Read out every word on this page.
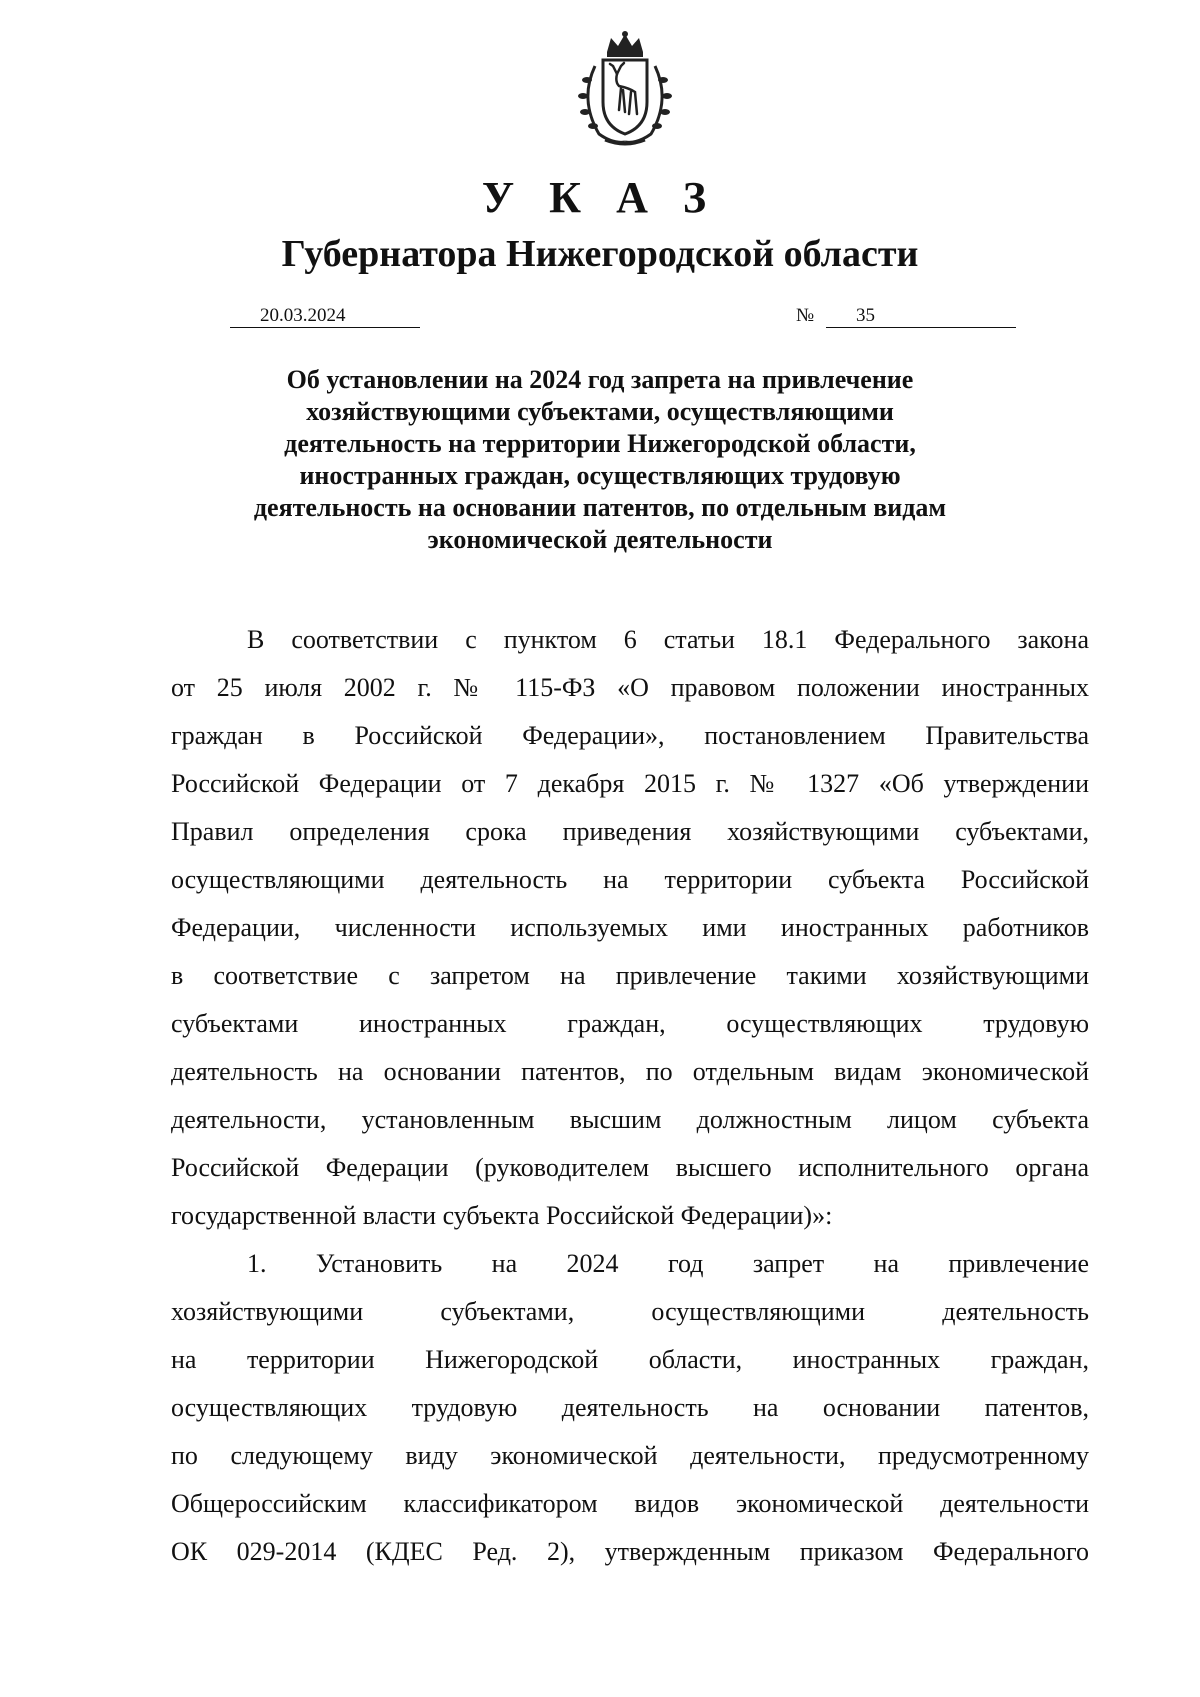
У К А З
Губернатора Нижегородской области
20.03.2024	№	35
Об установлении на 2024 год запрета на привлечение
хозяйствующими субъектами, осуществляющими
деятельность на территории Нижегородской области,
иностранных граждан, осуществляющих трудовую
деятельность на основании патентов, по отдельным видам
экономической деятельности
В соответствии с пунктом 6 статьи 18.1 Федерального закона
от 25 июля 2002 г. № 115-ФЗ «О правовом положении иностранных
граждан в Российской Федерации», постановлением Правительства
Российской Федерации от 7 декабря 2015 г. № 1327 «Об утверждении
Правил определения срока приведения хозяйствующими субъектами,
осуществляющими деятельность на территории субъекта Российской
Федерации, численности используемых ими иностранных работников
в соответствие с запретом на привлечение такими хозяйствующими
субъектами иностранных граждан, осуществляющих трудовую
деятельность на основании патентов, по отдельным видам экономической
деятельности, установленным высшим должностным лицом субъекта
Российской Федерации (руководителем высшего исполнительного органа
государственной власти субъекта Российской Федерации)»:
1. Установить на 2024 год запрет на привлечение
хозяйствующими субъектами, осуществляющими деятельность
на территории Нижегородской области, иностранных граждан,
осуществляющих трудовую деятельность на основании патентов,
по следующему виду экономической деятельности, предусмотренному
Общероссийским классификатором видов экономической деятельности
ОК 029-2014 (КДЕС Ред. 2), утвержденным приказом Федерального
